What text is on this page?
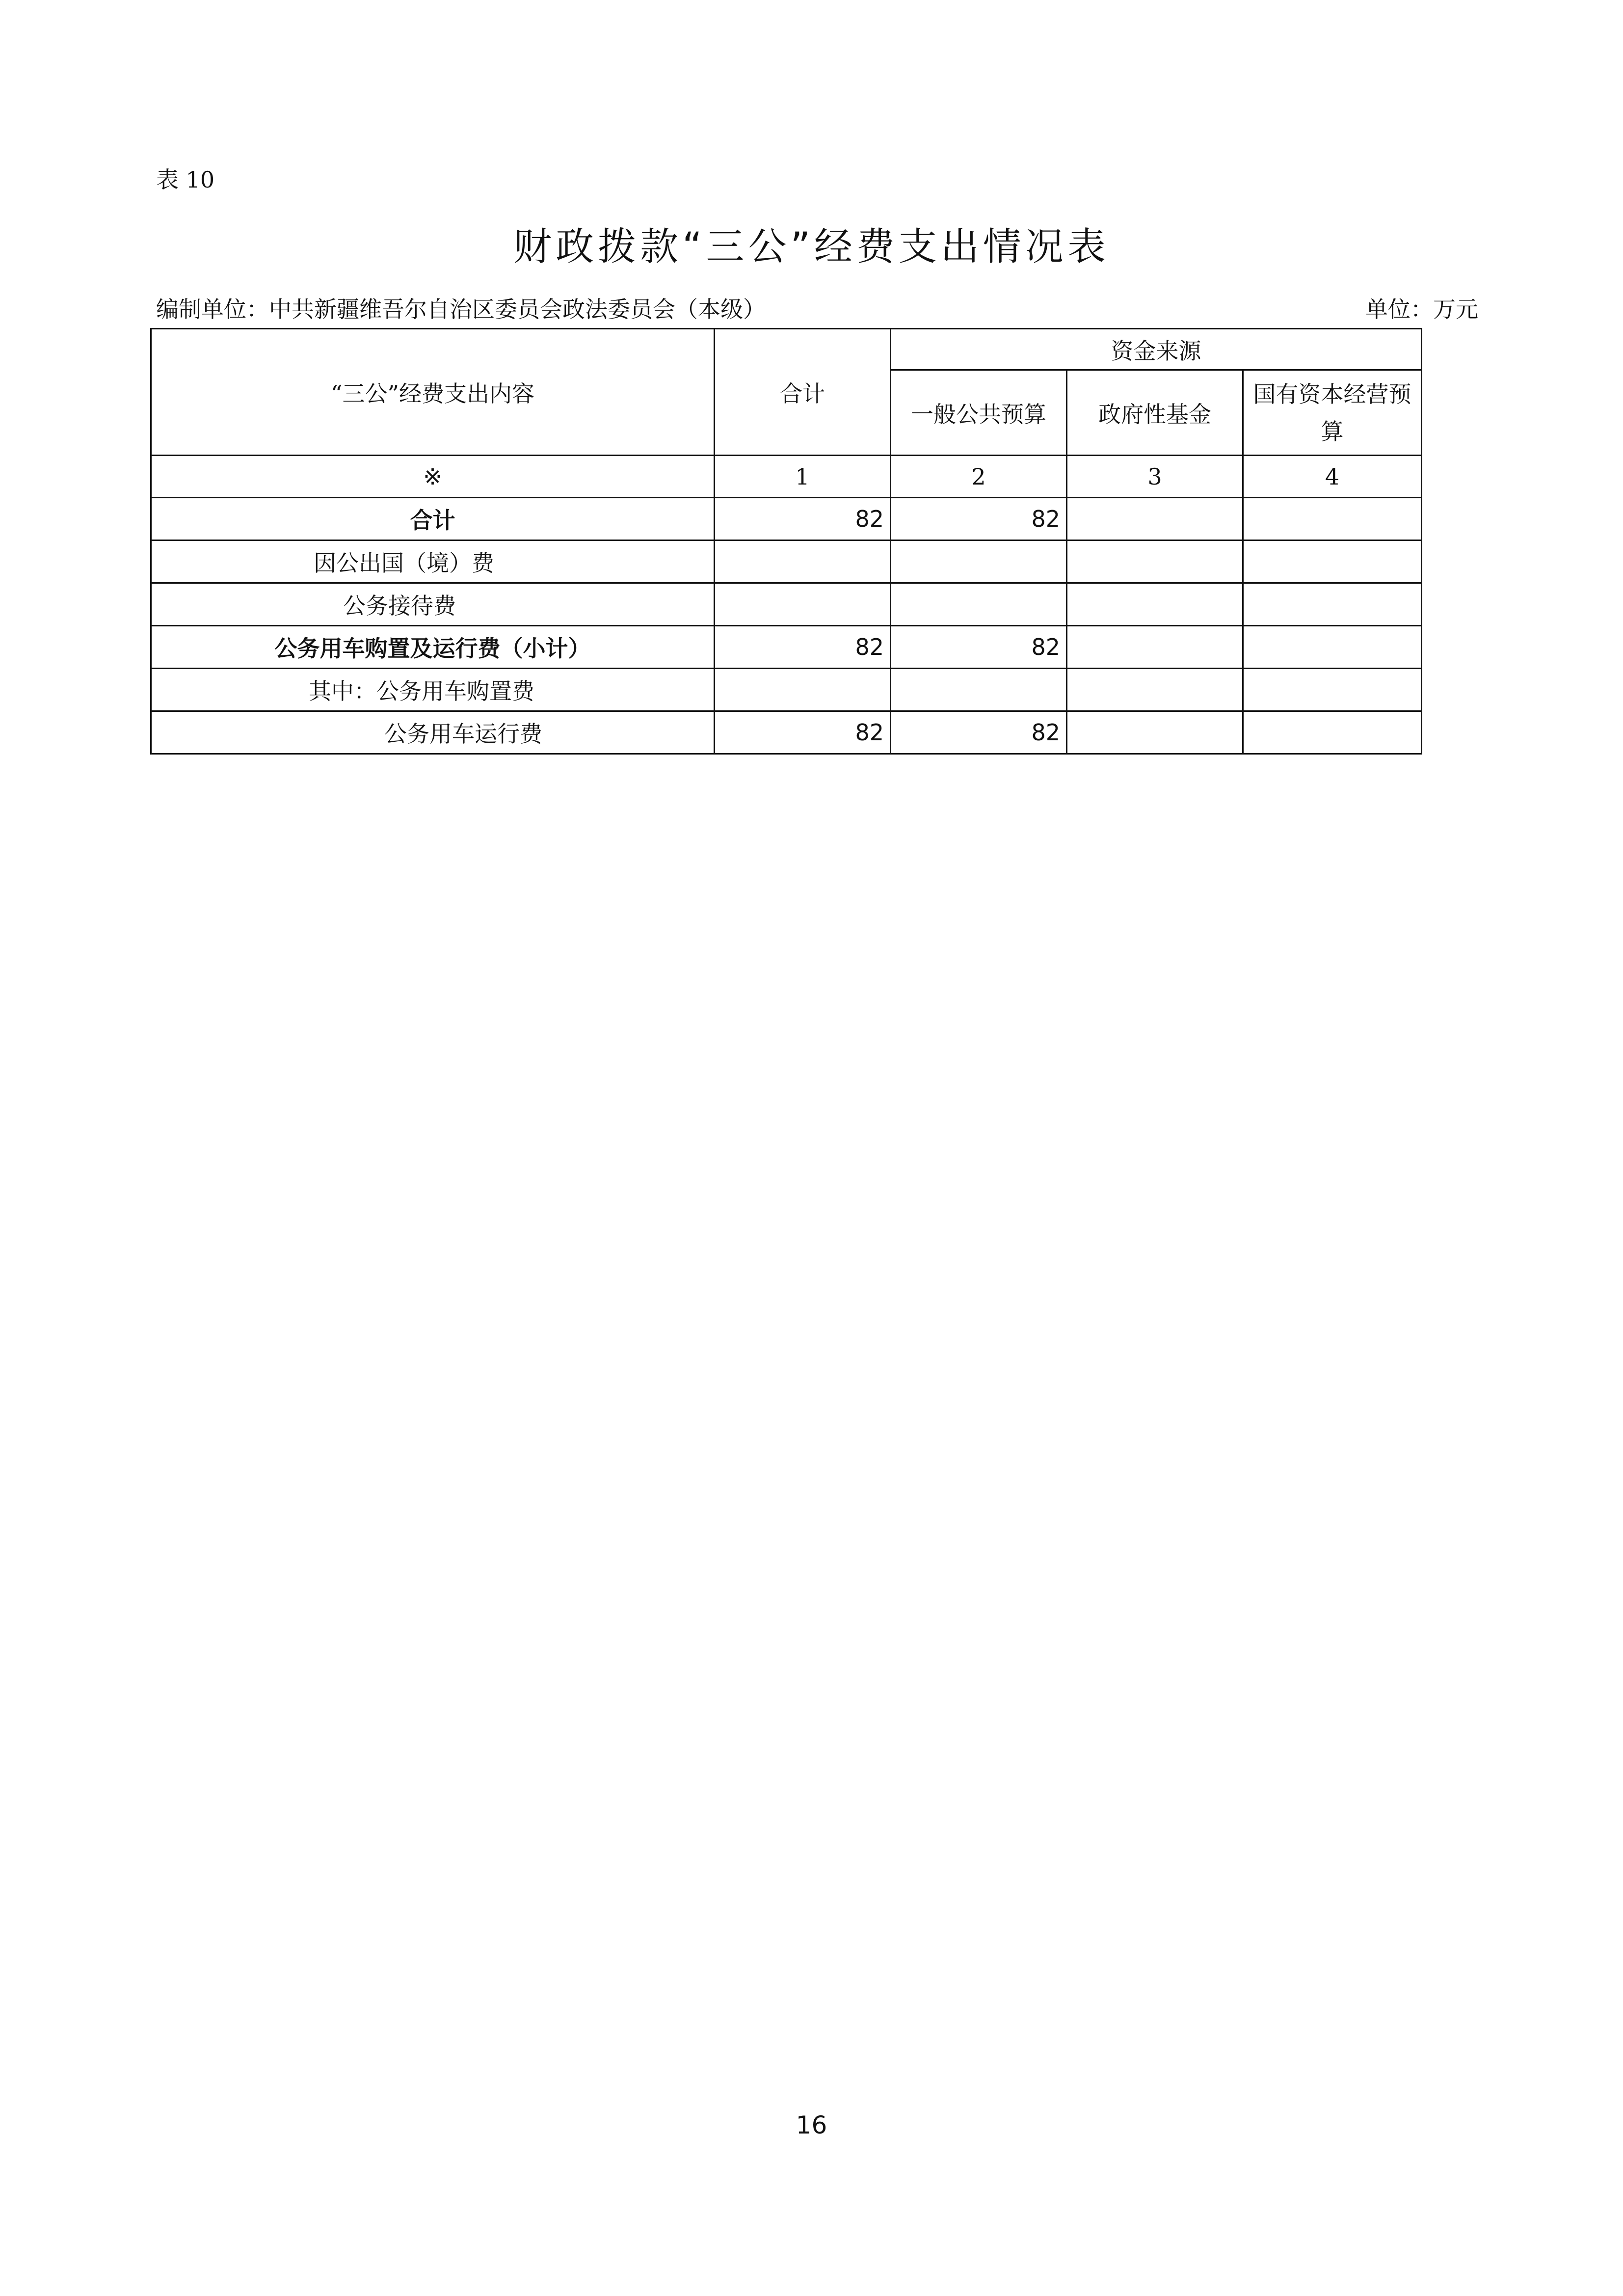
表 10
财政拨款“三公”经费支出情况表
编制单位：中共新疆维吾尔自治区委员会政法委员会（本级）	单位：万元
“三公”经费支出内容	合计	资金来源		
		一般公共预算	政府性基金	国有资本经营预算
※	1	2	3	4
合计	82	82		
因公出国（境）费				
公务接待费				
公务用车购置及运行费（小计）	82	82		
其中：公务用车购置费				
公务用车运行费	82	82		
16
